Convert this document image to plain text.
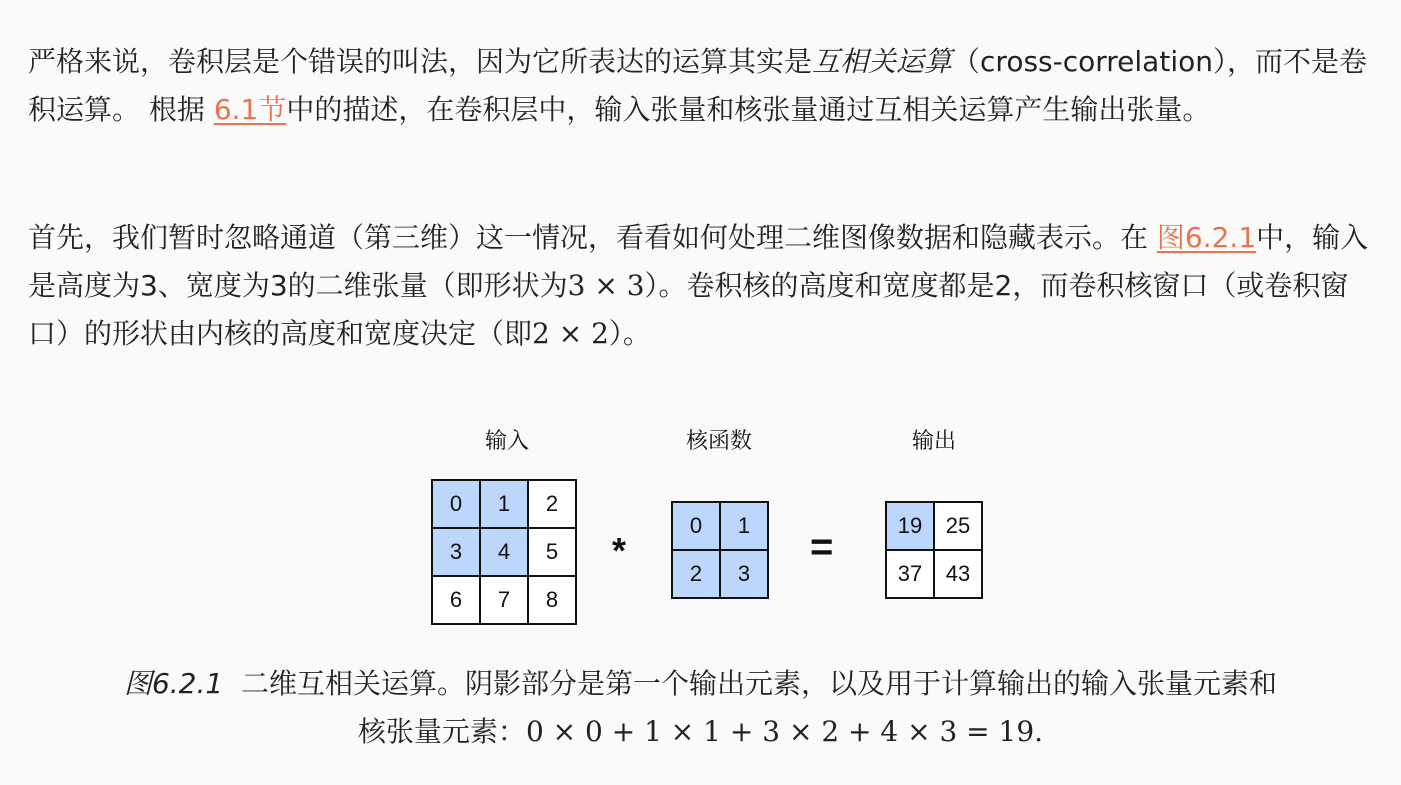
严格来说，卷积层是个错误的叫法，因为它所表达的运算其实是互相关运算（cross-correlation），而不是卷积运算。 根据 6.1节中的描述，在卷积层中，输入张量和核张量通过互相关运算产生输出张量。

首先，我们暂时忽略通道（第三维）这一情况，看看如何处理二维图像数据和隐藏表示。在 图6.2.1中，输入是高度为3、宽度为3的二维张量（即形状为3 × 3）。卷积核的高度和宽度都是2，而卷积核窗口（或卷积窗口）的形状由内核的高度和宽度决定（即2 × 2）。

输入	核函数	输出
0	1	2
3	4	5
6	7	8
*
0	1
2	3
=	19	25
37	43
图6.2.1 二维互相关运算。阴影部分是第一个输出元素，以及用于计算输出的输入张量元素和
核张量元素：0 × 0 + 1 × 1 + 3 × 2 + 4 × 3 = 19.
